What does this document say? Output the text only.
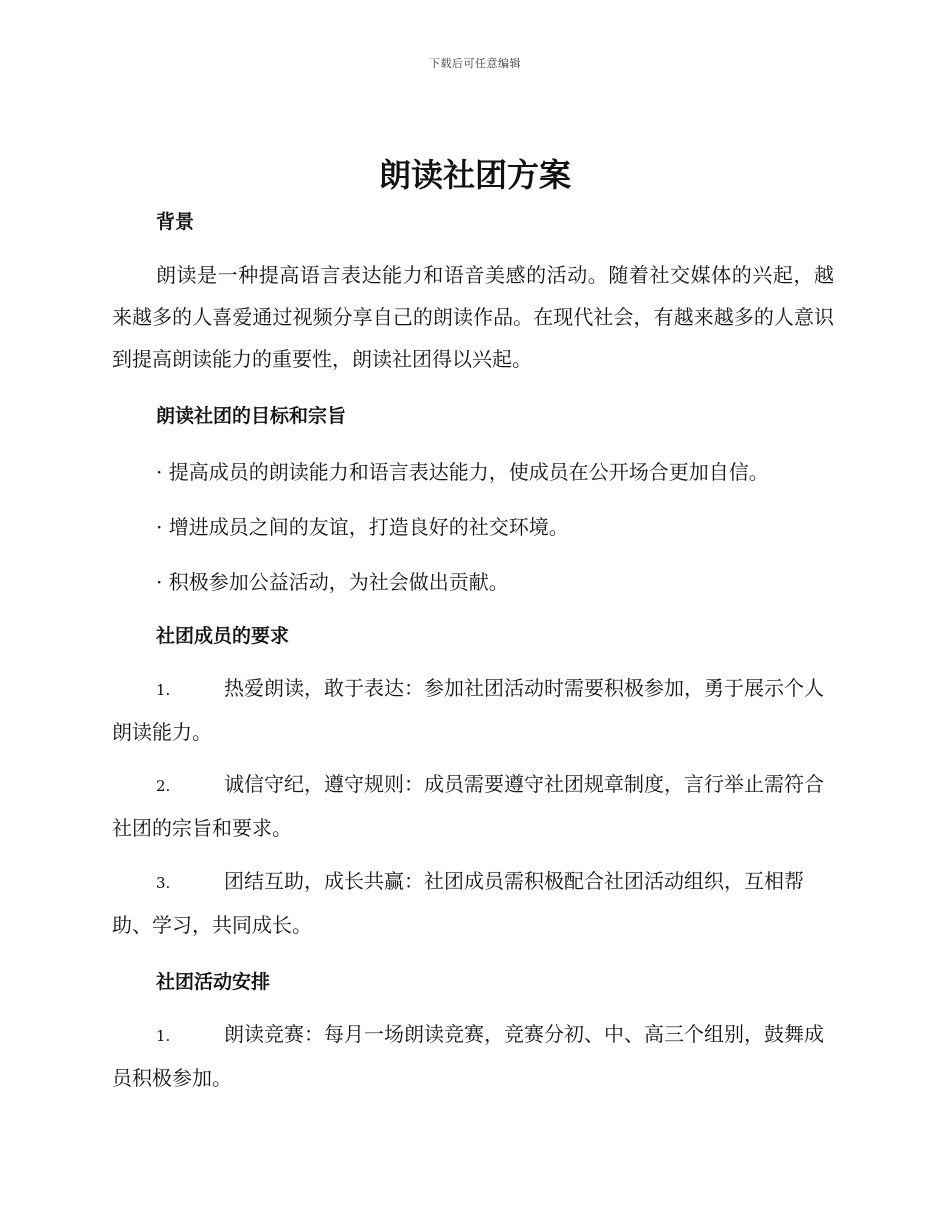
下载后可任意编辑
朗读社团方案
背景
朗读是一种提高语言表达能力和语音美感的活动。随着社交媒体的兴起，越来越多的人喜爱通过视频分享自己的朗读作品。在现代社会，有越来越多的人意识到提高朗读能力的重要性，朗读社团得以兴起。
朗读社团的目标和宗旨
· 提高成员的朗读能力和语言表达能力，使成员在公开场合更加自信。
· 增进成员之间的友谊，打造良好的社交环境。
· 积极参加公益活动，为社会做出贡献。
社团成员的要求
1.	热爱朗读，敢于表达：参加社团活动时需要积极参加，勇于展示个人朗读能力。
2.	诚信守纪，遵守规则：成员需要遵守社团规章制度，言行举止需符合社团的宗旨和要求。
3.	团结互助，成长共赢：社团成员需积极配合社团活动组织，互相帮助、学习，共同成长。
社团活动安排
1.	朗读竞赛：每月一场朗读竞赛，竞赛分初、中、高三个组别，鼓舞成员积极参加。
